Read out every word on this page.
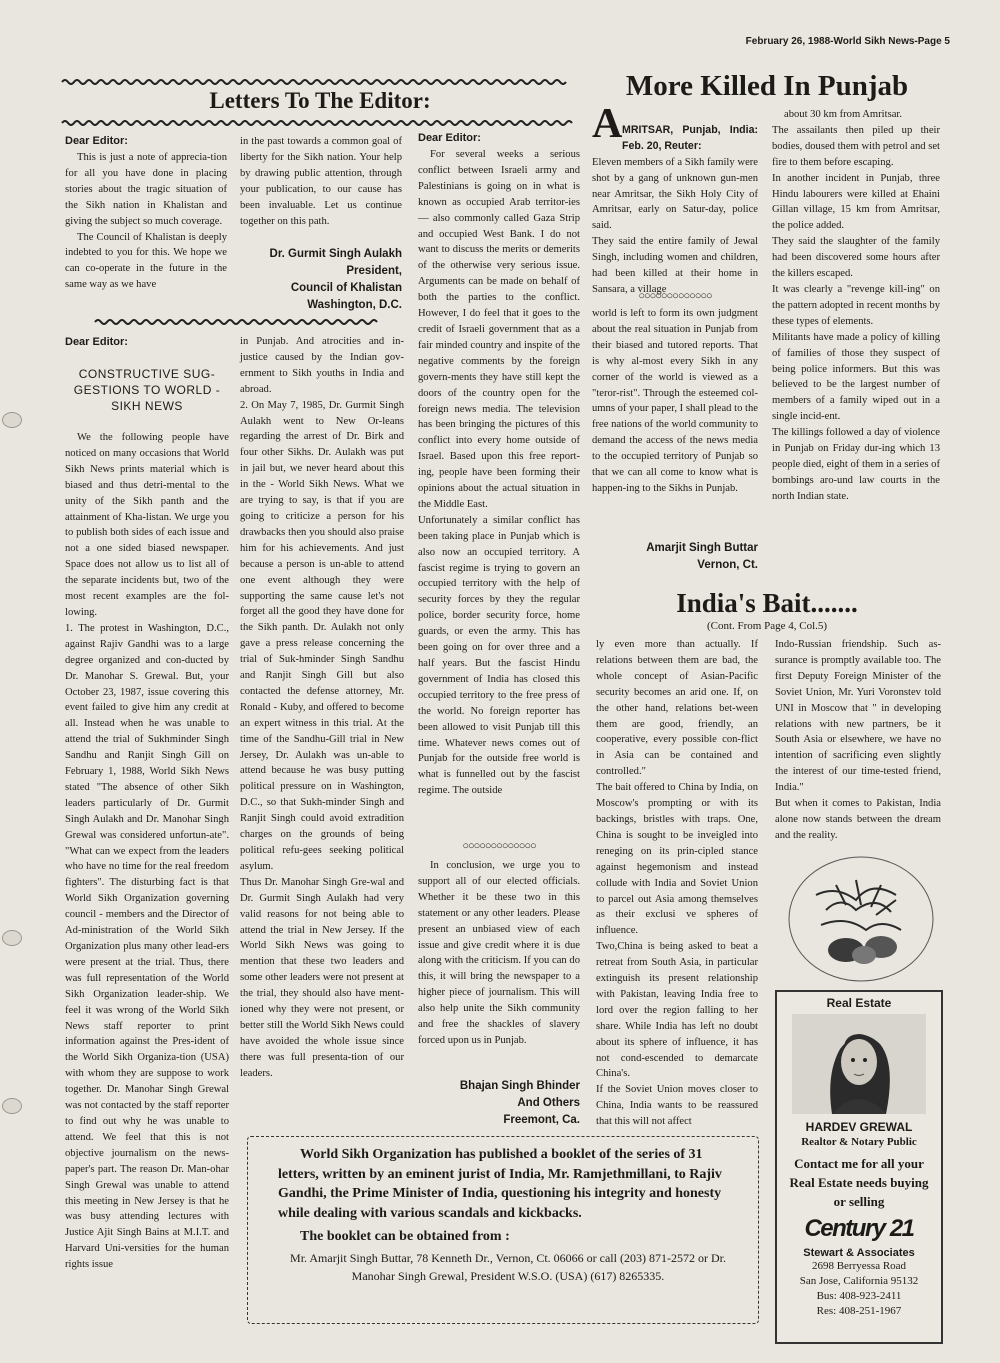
February 26, 1988-World Sikh News-Page 5
Letters To The Editor:
Dear Editor:

This is just a note of apprecia-tion for all you have done in placing stories about the tragic situation of the Sikh nation in Khalistan and giving the subject so much coverage.

The Council of Khalistan is deeply indebted to you for this. We hope we can co-operate in the future in the same way as we have

in the past towards a common goal of liberty for the Sikh nation. Your help by drawing public attention, through your publication, to our cause has been invaluable. Let us continue together on this path.

Dr. Gurmit Singh Aulakh
President,
Council of Khalistan
Washington, D.C.
Dear Editor:
CONSTRUCTIVE SUG-GESTIONS TO WORLD - SIKH NEWS

We the following people have noticed on many occasions that World Sikh News prints material which is biased and thus detri-mental to the unity of the Sikh panth and the attainment of Kha-listan. We urge you to publish both sides of each issue and not a one sided biased newspaper. Space does not allow us to list all of the separate incidents but, two of the most recent examples are the fol-lowing.
1. The protest in Washington, D.C., against Rajiv Gandhi was to a large degree organized and con-ducted by Dr. Manohar S. Grewal. But, your October 23, 1987, issue covering this event failed to give him any credit at all. Instead when he was unable to attend the trial of Sukhminder Singh Sandhu and Ranjit Singh Gill on February 1, 1988, World Sikh News stated "The absence of other Sikh leaders particularly of Dr. Gurmit Singh Aulakh and Dr. Manohar Singh Grewal was considered unfortun-ate". "What can we expect from the leaders who have no time for the real freedom fighters". The disturbing fact is that World Sikh Organization governing council - members and the Director of Ad-ministration of the World Sikh Organization plus many other lead-ers were present at the trial. Thus, there was full representation of the World Sikh Organization leader-ship. We feel it was wrong of the World Sikh News staff reporter to print information against the Pres-ident of the World Sikh Organiza-tion (USA) with whom they are suppose to work together. Dr. Manohar Singh Grewal was not contacted by the staff reporter to find out why he was unable to attend. We feel that this is not objective journalism on the news-paper's part. The reason Dr. Man-ohar Singh Grewal was unable to attend this meeting in New Jersey is that he was busy attending lectures with Justice Ajit Singh Bains at M.I.T. and Harvard Uni-versities for the human rights issue

in Punjab. And atrocities and in-justice caused by the Indian gov-ernment to Sikh youths in India and abroad.
2. On May 7, 1985, Dr. Gurmit Singh Aulakh went to New Or-leans regarding the arrest of Dr. Birk and four other Sikhs. Dr. Aulakh was put in jail but, we never heard about this in the - World Sikh News. What we are trying to say, is that if you are going to criticize a person for his drawbacks then you should also praise him for his achievements. And just because a person is un-able to attend one event although they were supporting the same cause let's not forget all the good they have done for the Sikh panth. Dr. Aulakh not only gave a press release concerning the trial of Suk-hminder Singh Sandhu and Ranjit Singh Gill but also contacted the defense attorney, Mr. Ronald - Kuby, and offered to become an expert witness in this trial. At the time of the Sandhu-Gill trial in New Jersey, Dr. Aulakh was un-able to attend because he was busy putting political pressure on in Washington, D.C., so that Sukh-minder Singh and Ranjit Singh could avoid extradition charges on the grounds of being political refu-gees seeking political asylum.
Thus Dr. Manohar Singh Gre-wal and Dr. Gurmit Singh Aulakh had very valid reasons for not being able to attend the trial in New Jersey. If the World Sikh News was going to mention that these two leaders and some other leaders were not present at the trial, they should also have ment-ioned why they were not present, or better still the World Sikh News could have avoided the whole issue since there was full presenta-tion of our leaders.

Dear Editor:

For several weeks a serious conflict between Israeli army and Palestinians is going on in what is known as occupied Arab territor-ies — also commonly called Gaza Strip and occupied West Bank. I do not want to discuss the merits or demerits of the otherwise very serious issue. Arguments can be made on behalf of both the parties to the conflict. However, I do feel that it goes to the credit of Israeli government that as a fair minded country and inspite of the negative comments by the foreign govern-ments they have still kept the doors of the country open for the foreign news media. The television has been bringing the pictures of this conflict into every home outside of Israel. Based upon this free report-ing, people have been forming their opinions about the actual situation in the Middle East.
Unfortunately a similar conflict has been taking place in Punjab which is also now an occupied territory. A fascist regime is trying to govern an occupied territory with the help of security forces by they the regular police, border security force, home guards, or even the army. This has been going on for over three and a half years. But the fascist Hindu government of India has closed this occupied territory to the free press of the world. No foreign reporter has been allowed to visit Punjab till this time. Whatever news comes out of Punjab for the outside free world is what is funnelled out by the fascist regime. The outside

○○○○○○○○○○○○○

In conclusion, we urge you to support all of our elected officials. Whether it be these two in this statement or any other leaders. Please present an unbiased view of each issue and give credit where it is due along with the criticism. If you can do this, it will bring the newspaper to a higher piece of journalism. This will also help unite the Sikh community and free the shackles of slavery forced upon us in Punjab.

Bhajan Singh Bhinder
And Others
Freemont, Ca.
More Killed In Punjab
A MRITSAR, Punjab, India: Feb. 20, Reuter:

Eleven members of a Sikh family were shot by a gang of unknown gun-men near Amritsar, the Sikh Holy City of Amritsar, early on Satur-day, police said.
They said the entire family of Jewal Singh, including women and children, had been killed at their home in Sansara, a village

○○○○○○○○○○○○○

world is left to form its own judgment about the real situation in Punjab from their biased and tutored reports. That is why al-most every Sikh in any corner of the world is viewed as a "teror-rist". Through the esteemed col-umns of your paper, I shall plead to the free nations of the world community to demand the access of the news media to the occupied territory of Punjab so that we can all come to know what is happen-ing to the Sikhs in Punjab.

Amarjit Singh Buttar
Vernon, Ct.

about 30 km from Amritsar.
The assailants then piled up their bodies, doused them with petrol and set fire to them before escaping.
In another incident in Punjab, three Hindu labourers were killed at Ehaini Gillan village, 15 km from Amritsar, the police added.
They said the slaughter of the family had been discovered some hours after the killers escaped.
It was clearly a "revenge kill-ing" on the pattern adopted in recent months by these types of elements.
Militants have made a policy of killing of families of those they suspect of being police informers. But this was believed to be the largest number of members of a family wiped out in a single incid-ent.
The killings followed a day of violence in Punjab on Friday dur-ing which 13 people died, eight of them in a series of bombings aro-und law courts in the north Indian state.

India's Bait.......
(Cont. From Page 4, Col.5)

ly even more than actually. If relations between them are bad, the whole concept of Asian-Pacific security becomes an arid one. If, on the other hand, relations bet-ween them are good, friendly, an cooperative, every possible con-flict in Asia can be contained and controlled."
The bait offered to China by India, on Moscow's prompting or with its backings, bristles with traps. One, China is sought to be inveigled into reneging on its prin-cipled stance against hegemonism and instead collude with India and Soviet Union to parcel out Asia among themselves as their exclusi ve spheres of influence.
Two,China is being asked to beat a retreat from South Asia, in particular extinguish its present relationship with Pakistan, leaving India free to lord over the region falling to her share. While India has left no doubt about its sphere of influence, it has not cond-escended to demarcate China's.
If the Soviet Union moves closer to China, India wants to be reassured that this will not affect

Indo-Russian friendship. Such as-surance is promptly available too. The first Deputy Foreign Minister of the Soviet Union, Mr. Yuri Voronstev told UNI in Moscow that " in developing relations with new partners, be it South Asia or elsewhere, we have no intention of sacrificing even slightly the interest of our time-tested friend, India."
But when it comes to Pakistan, India alone now stands between the dream and the reality.

Real Estate
HARDEV GREWAL
Realtor & Notary Public
Contact me for all your Real Estate needs buying or selling
Century 21
Stewart & Associates
2698 Berryessa Road
San Jose, California 95132
Bus: 408-923-2411
Res: 408-251-1967
World Sikh Organization has published a booklet of the series of 31 letters, written by an eminent jurist of India, Mr. Ramjethmillani, to Rajiv Gandhi, the Prime Minister of India, questioning his integrity and honesty while dealing with various scandals and kickbacks.
The booklet can be obtained from :
Mr. Amarjit Singh Buttar, 78 Kenneth Dr., Vernon, Ct. 06066 or call (203) 871-2572 or Dr. Manohar Singh Grewal, President W.S.O. (USA) (617) 8265335.
